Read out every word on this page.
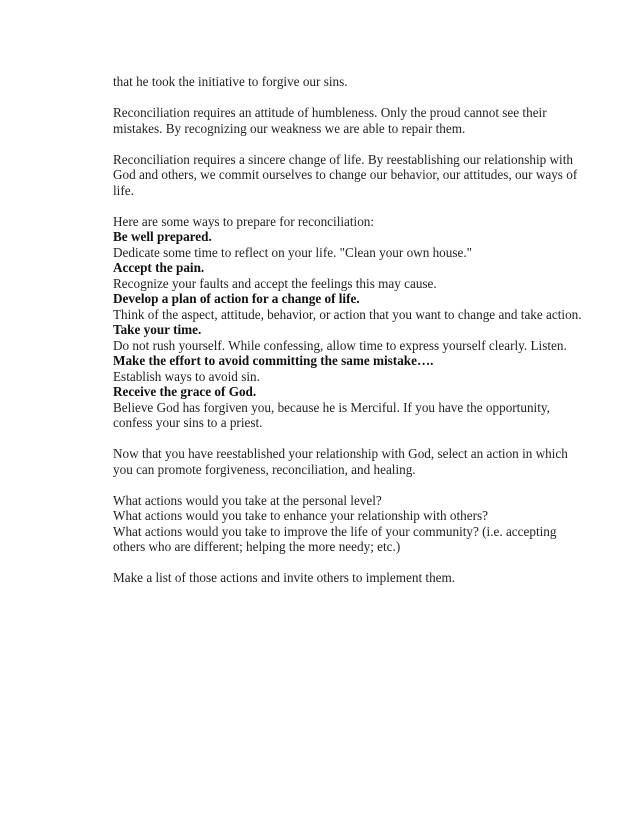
that he took the initiative to forgive our sins.

Reconciliation requires an attitude of humbleness. Only the proud cannot see their
mistakes. By recognizing our weakness we are able to repair them.

Reconciliation requires a sincere change of life. By reestablishing our relationship with
God and others, we commit ourselves to change our behavior, our attitudes, our ways of
life.

Here are some ways to prepare for reconciliation:
Be well prepared.
Dedicate some time to reflect on your life. "Clean your own house."
Accept the pain.
Recognize your faults and accept the feelings this may cause.
Develop a plan of action for a change of life.
Think of the aspect, attitude, behavior, or action that you want to change and take action.
Take your time.
Do not rush yourself. While confessing, allow time to express yourself clearly. Listen.
Make the effort to avoid committing the same mistake….
Establish ways to avoid sin.
Receive the grace of God.
Believe God has forgiven you, because he is Merciful. If you have the opportunity,
confess your sins to a priest.

Now that you have reestablished your relationship with God, select an action in which
you can promote forgiveness, reconciliation, and healing.

What actions would you take at the personal level?
What actions would you take to enhance your relationship with others?
What actions would you take to improve the life of your community? (i.e. accepting
others who are different; helping the more needy; etc.)

Make a list of those actions and invite others to implement them.
